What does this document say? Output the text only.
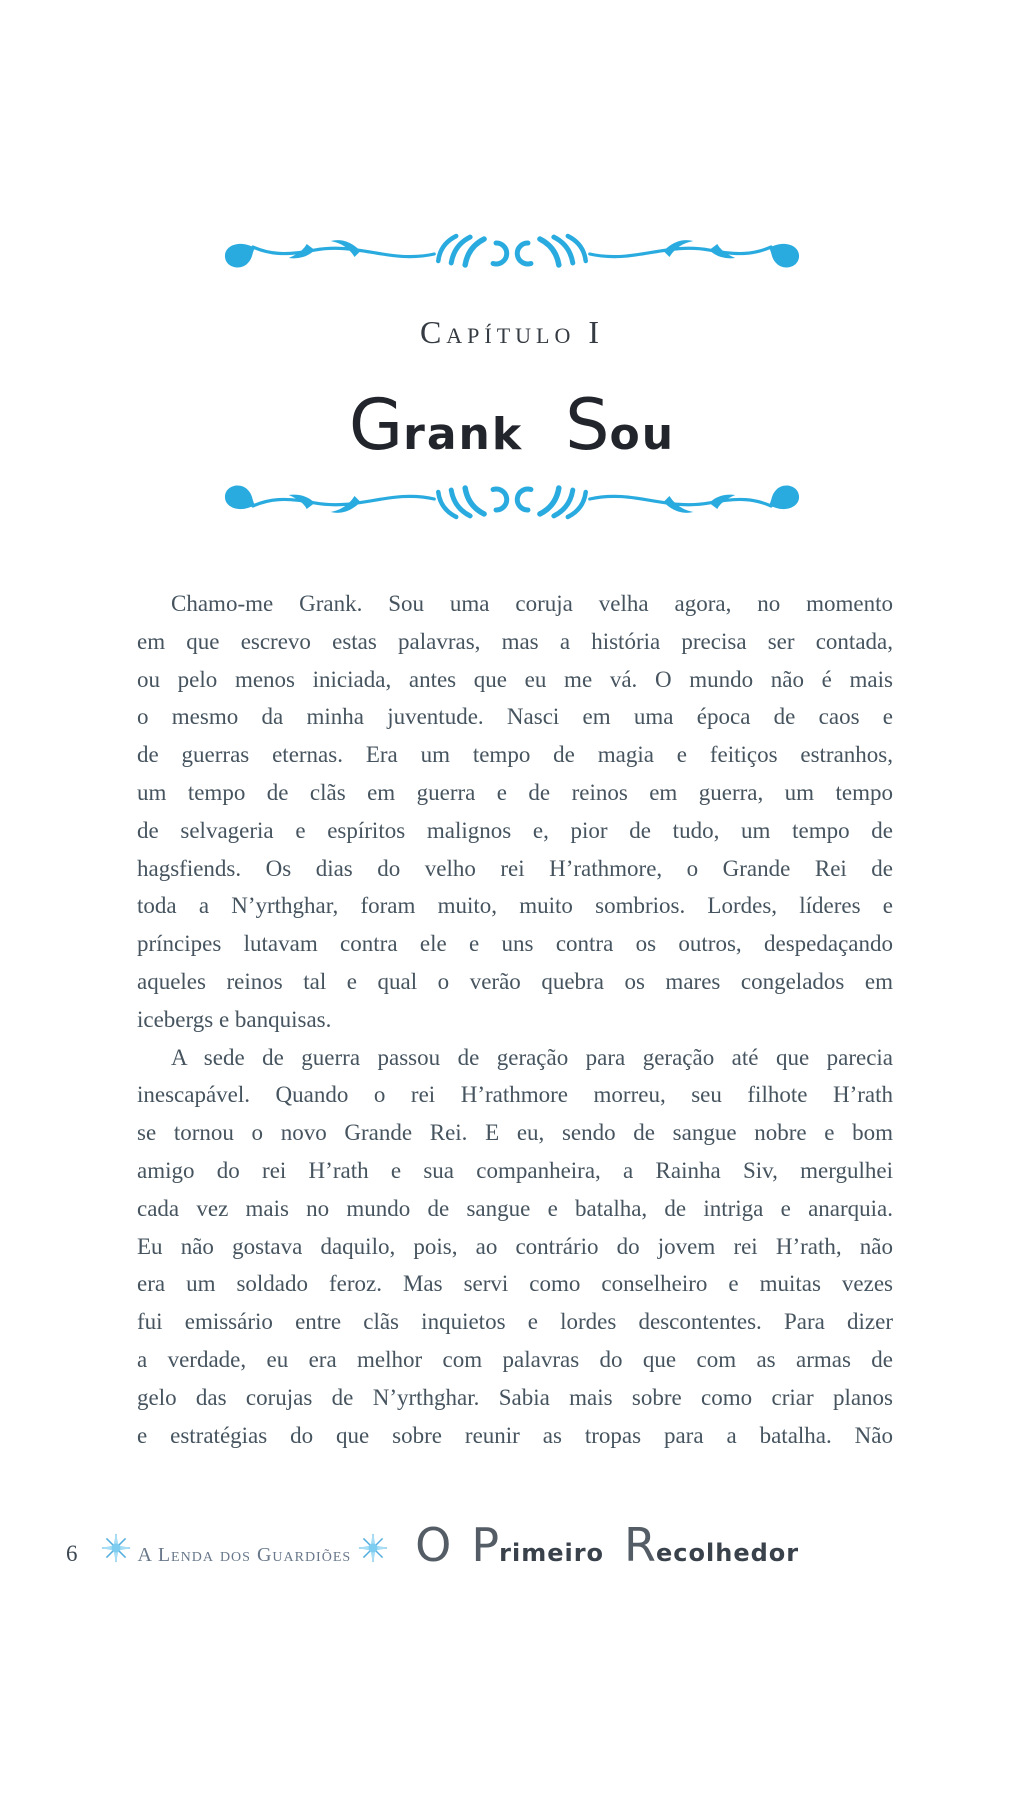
Capítulo I
Grank Sou
Chamo-me Grank. Sou uma coruja velha agora, no momento
em que escrevo estas palavras, mas a história precisa ser contada,
ou pelo menos iniciada, antes que eu me vá. O mundo não é mais
o mesmo da minha juventude. Nasci em uma época de caos e
de guerras eternas. Era um tempo de magia e feitiços estranhos,
um tempo de clãs em guerra e de reinos em guerra, um tempo
de selvageria e espíritos malignos e, pior de tudo, um tempo de
hagsfiends. Os dias do velho rei H’rathmore, o Grande Rei de
toda a N’yrthghar, foram muito, muito sombrios. Lordes, líderes e
príncipes lutavam contra ele e uns contra os outros, despedaçando
aqueles reinos tal e qual o verão quebra os mares congelados em
icebergs e banquisas.
A sede de guerra passou de geração para geração até que parecia
inescapável. Quando o rei H’rathmore morreu, seu filhote H’rath
se tornou o novo Grande Rei. E eu, sendo de sangue nobre e bom
amigo do rei H’rath e sua companheira, a Rainha Siv, mergulhei
cada vez mais no mundo de sangue e batalha, de intriga e anarquia.
Eu não gostava daquilo, pois, ao contrário do jovem rei H’rath, não
era um soldado feroz. Mas servi como conselheiro e muitas vezes
fui emissário entre clãs inquietos e lordes descontentes. Para dizer
a verdade, eu era melhor com palavras do que com as armas de
gelo das corujas de N’yrthghar. Sabia mais sobre como criar planos
e estratégias do que sobre reunir as tropas para a batalha. Não
6	A Lenda dos Guardiões O Primeiro Recolhedor
